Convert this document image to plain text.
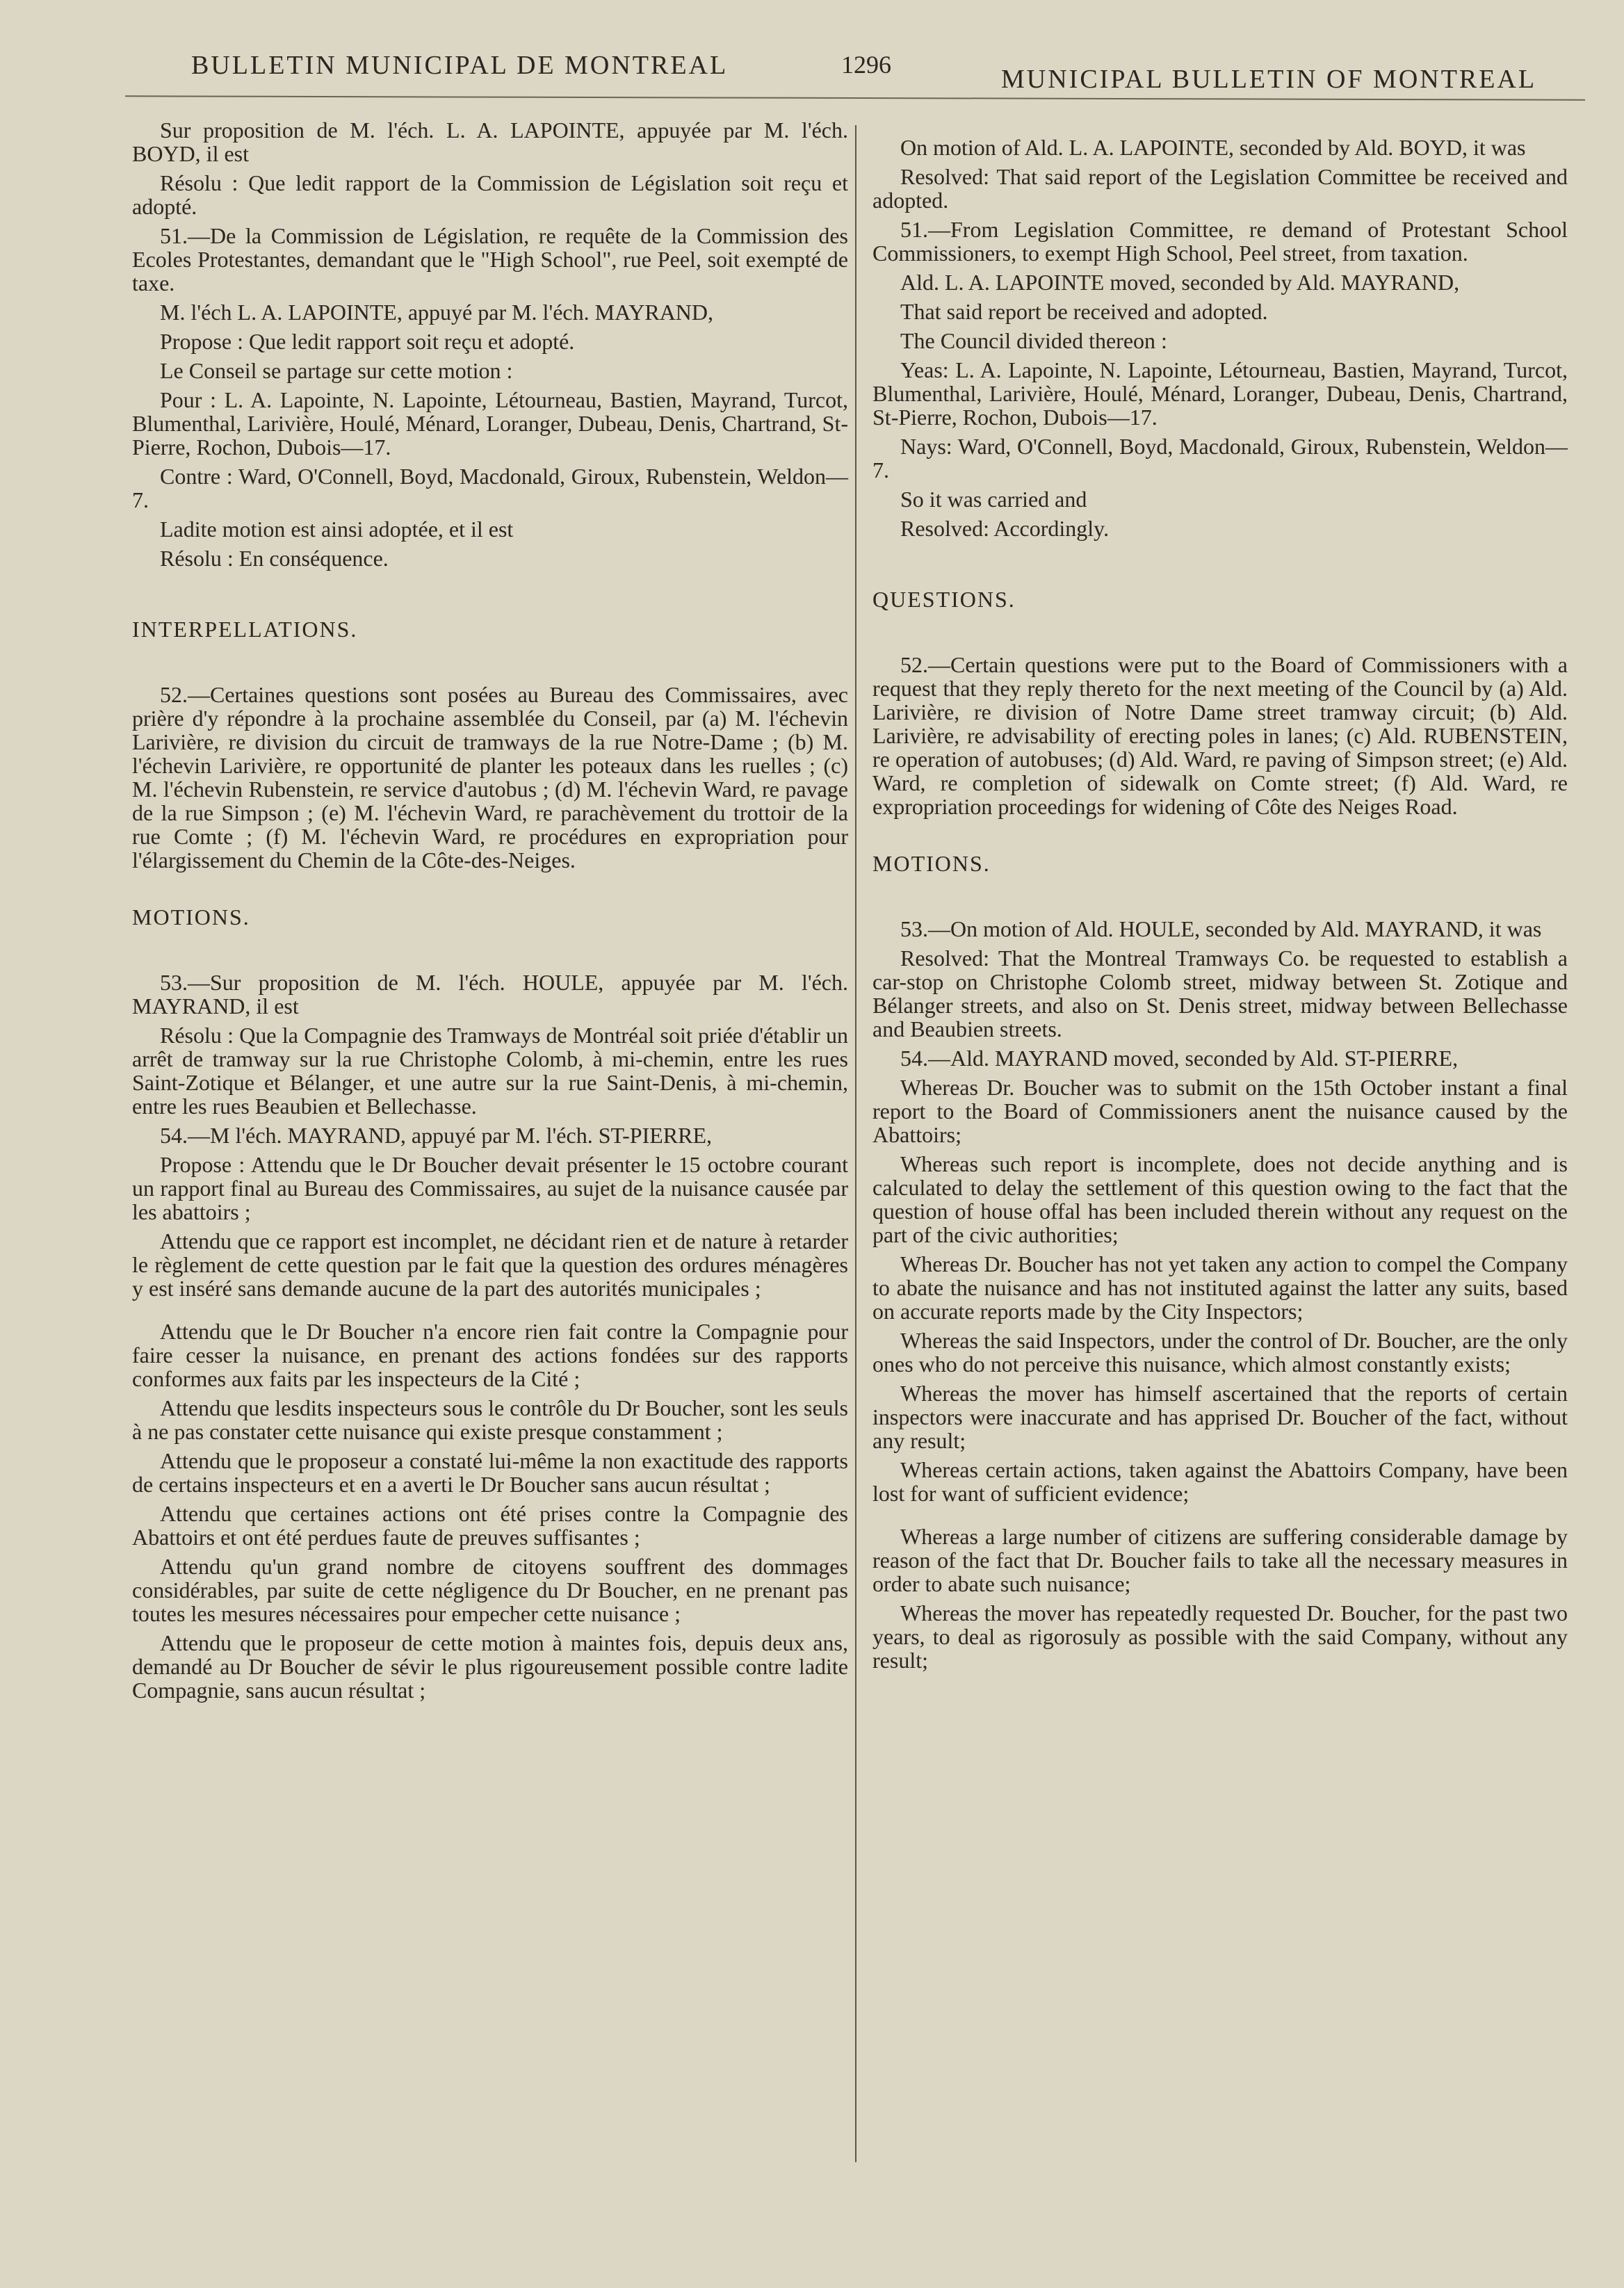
BULLETIN MUNICIPAL DE MONTREAL	1296	MUNICIPAL BULLETIN OF MONTREAL

Sur proposition de M. l'éch. L. A. LAPOINTE, appuyée par M. l'éch. BOYD, il est

Résolu : Que ledit rapport de la Commission de Législation soit reçu et adopté.

51.—De la Commission de Législation, re requête de la Commission des Ecoles Protestantes, demandant que le "High School", rue Peel, soit exempté de taxe.

M. l'éch L. A. LAPOINTE, appuyé par M. l'éch. MAYRAND,

Propose : Que ledit rapport soit reçu et adopté.

Le Conseil se partage sur cette motion :

Pour : L. A. Lapointe, N. Lapointe, Létourneau, Bastien, Mayrand, Turcot, Blumenthal, Larivière, Houlé, Ménard, Loranger, Dubeau, Denis, Chartrand, St-Pierre, Rochon, Dubois—17.

Contre : Ward, O'Connell, Boyd, Macdonald, Giroux, Rubenstein, Weldon—7.

Ladite motion est ainsi adoptée, et il est

Résolu : En conséquence.

INTERPELLATIONS.

52.—Certaines questions sont posées au Bureau des Commissaires, avec prière d'y répondre à la prochaine assemblée du Conseil, par (a) M. l'échevin Larivière, re division du circuit de tramways de la rue Notre-Dame ; (b) M. l'échevin Larivière, re opportunité de planter les poteaux dans les ruelles ; (c) M. l'échevin Rubenstein, re service d'autobus ; (d) M. l'échevin Ward, re pavage de la rue Simpson ; (e) M. l'échevin Ward, re parachèvement du trottoir de la rue Comte ; (f) M. l'échevin Ward, re procédures en expropriation pour l'élargissement du Chemin de la Côte-des-Neiges.

MOTIONS.

53.—Sur proposition de M. l'éch. HOULE, appuyée par M. l'éch. MAYRAND, il est

Résolu : Que la Compagnie des Tramways de Montréal soit priée d'établir un arrêt de tramway sur la rue Christophe Colomb, à mi-chemin, entre les rues Saint-Zotique et Bélanger, et une autre sur la rue Saint-Denis, à mi-chemin, entre les rues Beaubien et Bellechasse.

54.—M l'éch. MAYRAND, appuyé par M. l'éch. ST-PIERRE,

Propose : Attendu que le Dr Boucher devait présenter le 15 octobre courant un rapport final au Bureau des Commissaires, au sujet de la nuisance causée par les abattoirs ;

Attendu que ce rapport est incomplet, ne décidant rien et de nature à retarder le règlement de cette question par le fait que la question des ordures ménagères y est inséré sans demande aucune de la part des autorités municipales ;

Attendu que le Dr Boucher n'a encore rien fait contre la Compagnie pour faire cesser la nuisance, en prenant des actions fondées sur des rapports conformes aux faits par les inspecteurs de la Cité ;

Attendu que lesdits inspecteurs sous le contrôle du Dr Boucher, sont les seuls à ne pas constater cette nuisance qui existe presque constamment ;

Attendu que le proposeur a constaté lui-même la non exactitude des rapports de certains inspecteurs et en a averti le Dr Boucher sans aucun résultat ;

Attendu que certaines actions ont été prises contre la Compagnie des Abattoirs et ont été perdues faute de preuves suffisantes ;

Attendu qu'un grand nombre de citoyens souffrent des dommages considérables, par suite de cette négligence du Dr Boucher, en ne prenant pas toutes les mesures nécessaires pour empecher cette nuisance ;

Attendu que le proposeur de cette motion à maintes fois, depuis deux ans, demandé au Dr Boucher de sévir le plus rigoureusement possible contre ladite Compagnie, sans aucun résultat ;

On motion of Ald. L. A. LAPOINTE, seconded by Ald. BOYD, it was

Resolved: That said report of the Legislation Committee be received and adopted.

51.—From Legislation Committee, re demand of Protestant School Commissioners, to exempt High School, Peel street, from taxation.

Ald. L. A. LAPOINTE moved, seconded by Ald. MAYRAND,

That said report be received and adopted.

The Council divided thereon :

Yeas: L. A. Lapointe, N. Lapointe, Létourneau, Bastien, Mayrand, Turcot, Blumenthal, Larivière, Houlé, Ménard, Loranger, Dubeau, Denis, Chartrand, St-Pierre, Rochon, Dubois—17.

Nays: Ward, O'Connell, Boyd, Macdonald, Giroux, Rubenstein, Weldon—7.

So it was carried and

Resolved: Accordingly.

QUESTIONS.

52.—Certain questions were put to the Board of Commissioners with a request that they reply thereto for the next meeting of the Council by (a) Ald. Larivière, re division of Notre Dame street tramway circuit; (b) Ald. Larivière, re advisability of erecting poles in lanes; (c) Ald. RUBENSTEIN, re operation of autobuses; (d) Ald. Ward, re paving of Simpson street; (e) Ald. Ward, re completion of sidewalk on Comte street; (f) Ald. Ward, re expropriation proceedings for widening of Côte des Neiges Road.

MOTIONS.

53.—On motion of Ald. HOULE, seconded by Ald. MAYRAND, it was

Resolved: That the Montreal Tramways Co. be requested to establish a car-stop on Christophe Colomb street, midway between St. Zotique and Bélanger streets, and also on St. Denis street, midway between Bellechasse and Beaubien streets.

54.—Ald. MAYRAND moved, seconded by Ald. ST-PIERRE,

Whereas Dr. Boucher was to submit on the 15th October instant a final report to the Board of Commissioners anent the nuisance caused by the Abattoirs;

Whereas such report is incomplete, does not decide anything and is calculated to delay the settlement of this question owing to the fact that the question of house offal has been included therein without any request on the part of the civic authorities;

Whereas Dr. Boucher has not yet taken any action to compel the Company to abate the nuisance and has not instituted against the latter any suits, based on accurate reports made by the City Inspectors;

Whereas the said Inspectors, under the control of Dr. Boucher, are the only ones who do not perceive this nuisance, which almost constantly exists;

Whereas the mover has himself ascertained that the reports of certain inspectors were inaccurate and has apprised Dr. Boucher of the fact, without any result;

Whereas certain actions, taken against the Abattoirs Company, have been lost for want of sufficient evidence;

Whereas a large number of citizens are suffering considerable damage by reason of the fact that Dr. Boucher fails to take all the necessary measures in order to abate such nuisance;

Whereas the mover has repeatedly requested Dr. Boucher, for the past two years, to deal as rigorosuly as possible with the said Company, without any result;
